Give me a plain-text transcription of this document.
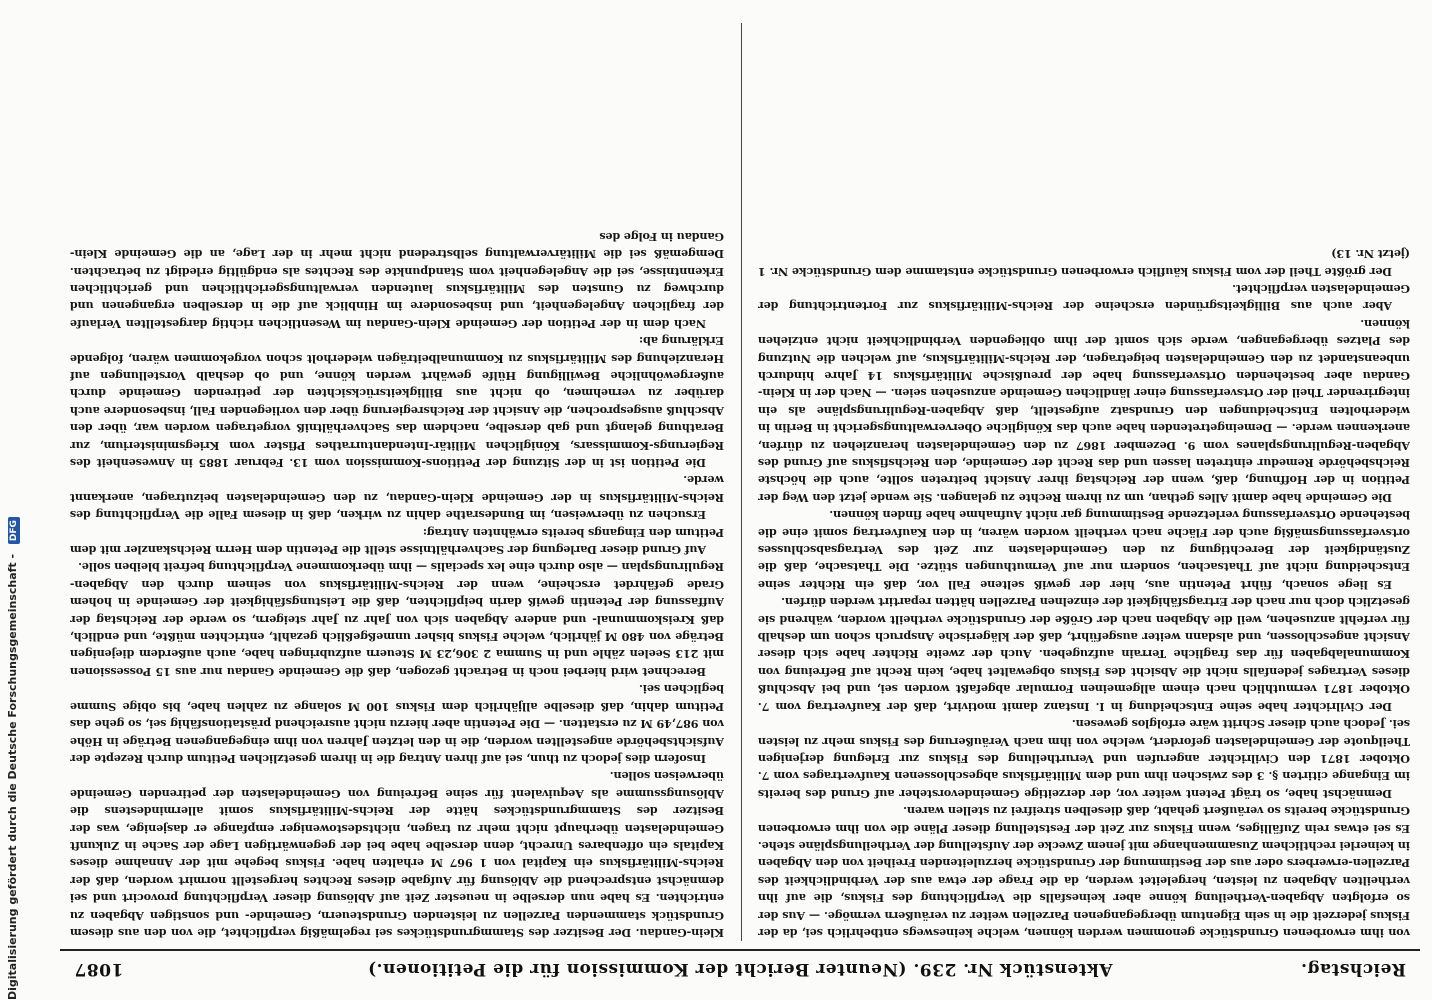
Digitalisierung gefördert durch die Deutsche Forschungsgemeinschaft - DFG
Reichstag.
Aktenstück Nr. 239. (Neunter Bericht der Kommission für die Petitionen.)
1087

von ihm erworbenen Grundstücke genommen werden können, welche keineswegs entbehrlich sei, da der Fiskus jederzeit die in sein Eigentum übergegangenen Parzellen weiter zu veräußern vermöge. — Aus der so erfolgten Abgaben-Vertheilung könne aber keinesfalls die Verpflichtung des Fiskus, die auf ihn vertheilten Abgaben zu leisten, hergeleitet werden, da die Frage der etwa aus der Verbindlichkeit des Parzellen-erwerbers oder aus der Bestimmung der Grundstücke herzuleitenden Freiheit von den Abgaben in keinerlei rechtlichem Zusammenhange mit jenem Zwecke der Aufstellung der Vertheilungspläne stehe. Es sei etwas rein Zufälliges, wenn Fiskus zur Zeit der Feststellung dieser Pläne die von ihm erworbenen Grundstücke bereits so veräußert gehabt, daß dieselben streifrei zu stellen waren.

Demnächst habe, so trägt Petent weiter vor, der derzeitige Gemeindevorsteher auf Grund des bereits im Eingange citirten §. 3 des zwischen ihm und dem Militärfiskus abgeschlossenen Kaufvertrages vom 7. Oktober 1871 den Civilrichter angerufen und Verurtheilung des Fiskus zur Erlegung derjenigen Theilquote der Gemeindelasten gefordert, welche von ihm nach Veräußerung des Fiskus mehr zu leisten sei. Jedoch auch dieser Schritt wäre erfolglos gewesen.

Der Civilrichter habe seine Entscheidung in I. Instanz damit motivirt, daß der Kaufvertrag vom 7. Oktober 1871 vermuthlich nach einem allgemeinen Formular abgefaßt worden sei, und bei Abschluß dieses Vertrages jedenfalls nicht die Absicht des Fiskus obgewaltet habe, kein Recht auf Befreiung von Kommunalabgaben für das fragliche Terrain aufzugeben. Auch der zweite Richter habe sich dieser Ansicht angeschlossen, und alsdann weiter ausgeführt, daß der klägerische Anspruch schon um deshalb für verfehlt anzusehen, weil die Abgaben nach der Größe der Grundstücke vertheilt worden, während sie gesetzlich doch nur nach der Ertragsfähigkeit der einzelnen Parzellen hätten repartirt werden dürfen.

Es liege sonach, führt Petentin aus, hier der gewiß seltene Fall vor, daß ein Richter seine Entscheidung nicht auf Thatsachen, sondern nur auf Vermuthungen stütze. Die Thatsache, daß die Zuständigkeit der Berechtigung zu den Gemeindelasten zur Zeit des Vertragsabschlusses ortsverfassungsmäßig auch der Fläche nach vertheilt worden wären, in den Kaufvertrag somit eine die bestehende Ortsverfassung verletzende Bestimmung gar nicht Aufnahme habe finden können.

Die Gemeinde habe damit Alles gethan, um zu ihrem Rechte zu gelangen. Sie wende jetzt den Weg der Petition in der Hoffnung, daß, wenn der Reichstag ihrer Ansicht beitreten sollte, auch die höchste Reichsbehörde Remedur eintreten lassen und das Recht der Gemeinde, den Reichsfiskus auf Grund des Abgaben-Regulirungsplanes vom 9. Dezember 1867 zu den Gemeindelasten heranziehen zu dürfen, anerkennen werde. — Demeingetretenden habe auch das Königliche Oberverwaltungsgericht in Berlin in wiederholten Entscheidungen den Grundsatz aufgestellt, daß Abgaben-Regulirungspläne als ein integrirender Theil der Ortsverfassung einer ländlichen Gemeinde anzusehen seien. — Nach der in Klein-Gandau aber bestehenden Ortsverfassung habe der preußische Militärfiskus 14 Jahre hindurch unbeanstandet zu den Gemeindelasten beigetragen, der Reichs-Militärfiskus, auf welchen die Nutzung des Platzes übergegangen, werde sich somit der ihm obliegenden Verbindlichkeit nicht entziehen können.

Aber auch aus Billigkeitsgründen erscheine der Reichs-Militärfiskus zur Fortentrichtung der Gemeindelasten verpflichtet.

Der größte Theil der vom Fiskus käuflich erworbenen Grundstücke entstamme dem Grundstücke Nr. 1 (jetzt Nr. 13)

Klein-Gandau. Der Besitzer des Stammgrundstückes sei regelmäßig verpflichtet, die von den aus diesem Grundstück stammenden Parzellen zu leistenden Grundsteuern, Gemeinde- und sonstigen Abgaben zu entrichten. Es habe nun derselbe in neuester Zeit auf Ablösung dieser Verpflichtung provocirt und sei demnächst entsprechend die Ablösung für Aufgabe dieses Rechtes hergestellt normirt worden, daß der Reichs-Militärfiskus ein Kapital von 1 967 M erhalten habe. Fiskus begehe mit der Annahme dieses Kapitals ein offenbares Unrecht, denn derselbe habe bei der gegenwärtigen Lage der Sache in Zukunft Gemeindelasten überhaupt nicht mehr zu tragen, nichtsdestoweniger empfange er dasjenige, was der Besitzer des Stammgrundstückes hätte der Reichs-Militärfiskus somit allermindestens die Ablösungssumme als Aequivalent für seine Befreiung von Gemeindelasten der petirenden Gemeinde überweisen sollen.

Insofern dies jedoch zu thun, sei auf ihren Antrag die in ihrem gesetzlichen Petitum durch Rezepte der Aufsichtsbehörde angestellten worden, die in den letzten Jahren von ihm eingegangenen Beträge in Höhe von 987,49 M zu erstatten. — Die Petentin aber hierzu nicht ausreichend prästationsfähig sei, so gehe das Petitum dahin, daß dieselbe alljährlich dem Fiskus 100 M solange zu zahlen habe, bis obige Summe beglichen sei.

Berechnet wird hierbei noch in Betracht gezogen, daß die Gemeinde Gandau nur aus 15 Possessionen mit 213 Seelen zähle und in Summa 2 306,23 M Steuern aufzubringen habe, auch außerdem diejenigen Beträge von 480 M jährlich, welche Fiskus bisher unmeßgeßlich gezahlt, entrichten müßte, und endlich, daß Kreiskommunal- und andere Abgaben sich von Jahr zu Jahr steigern, so werde der Reichstag der Auffassung der Petentin gewiß darin beipflichten, daß die Leistungsfähigkeit der Gemeinde in hohem Grade gefährdet erscheine, wenn der Reichs-Militärfiskus von seinem durch den Abgaben-Regulirungsplan — also durch eine lex specialis — ihm überkommene Verpflichtung befreit bleiben solle.

Auf Grund dieser Darlegung der Sachverhältnisse stellt die Petentin dem Herrn Reichskanzler mit dem Petitum den Eingangs bereits erwähnten Antrag:

Ersuchen zu überweisen, im Bundesrathe dahin zu wirken, daß in diesem Falle die Verpflichtung des Reichs-Militärfiskus in der Gemeinde Klein-Gandau, zu den Gemeindelasten beizutragen, anerkannt werde.

Die Petition ist in der Sitzung der Petitions-Kommission vom 13. Februar 1885 in Anwesenheit des Regierungs-Kommissars, Königlichen Militär-Intendanturrathes Pfister vom Kriegsministerium, zur Berathung gelangt und gab derselbe, nachdem das Sachverhältniß vorgetragen worden war, über den Abschluß ausgesprochen, die Ansicht der Reichsregierung über den vorliegenden Fall, insbesondere auch darüber zu vernehmen, ob nicht aus Billigkeitsrücksichten der petirenden Gemeinde durch außergewöhnliche Bewilligung Hülfe gewährt werden könne, und ob deshalb Vorstellungen auf Heranziehung des Militärfiskus zu Kommunalbeiträgen wiederholt schon vorgekommen wären, folgende Erklärung ab:

Nach dem in der Petition der Gemeinde Klein-Gandau im Wesentlichen richtig dargestellten Verlaufe der fraglichen Angelegenheit, und insbesondere im Hinblick auf die in derselben ergangenen und durchweg zu Gunsten des Militärfiskus lautenden verwaltungsgerichtlichen und gerichtlichen Erkenntnisse, sei die Angelegenheit vom Standpunkte des Rechtes als endgültig erledigt zu betrachten. Demgemäß sei die Militärverwaltung selbstredend nicht mehr in der Lage, an die Gemeinde Klein-Gandau in Folge des
